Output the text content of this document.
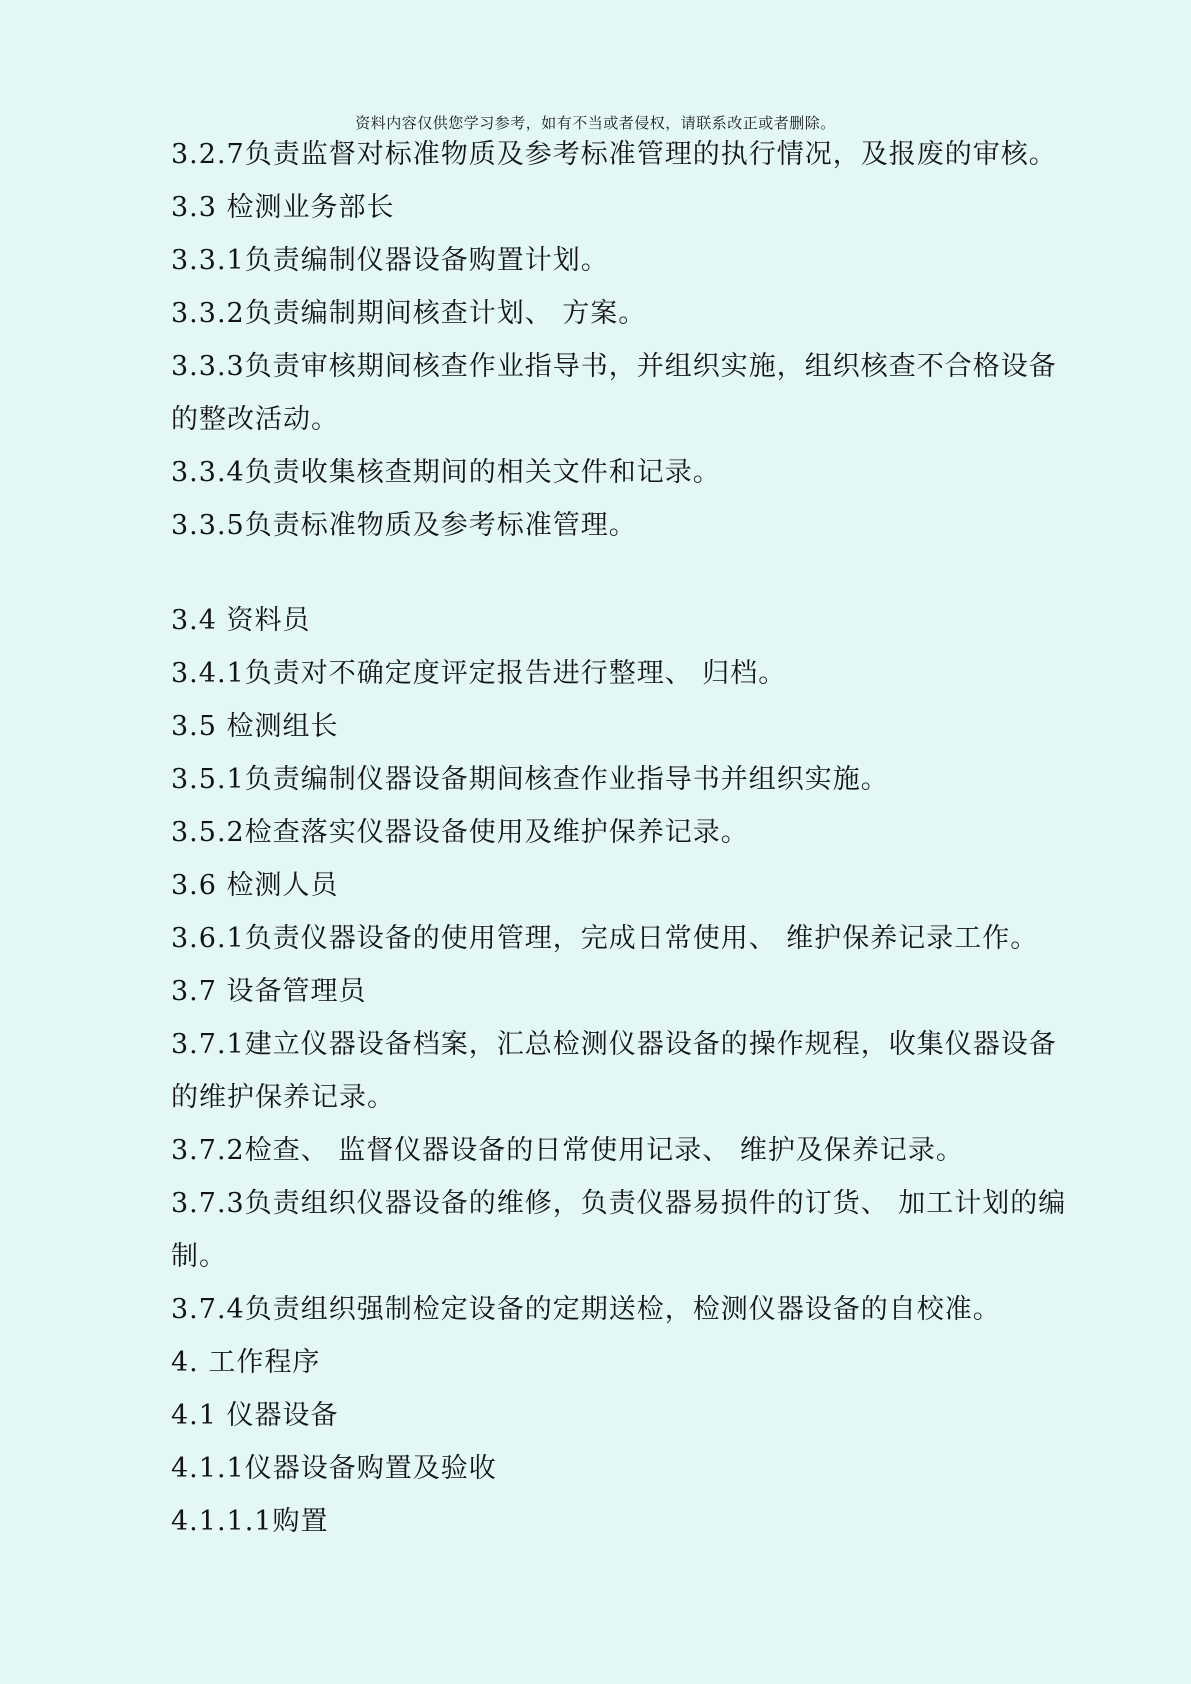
资料内容仅供您学习参考，如有不当或者侵权，请联系改正或者删除。
3.2.7负责监督对标准物质及参考标准管理的执行情况，及报废的审核。
3.3 检测业务部长
3.3.1负责编制仪器设备购置计划。
3.3.2负责编制期间核查计划、 方案。
3.3.3负责审核期间核查作业指导书，并组织实施，组织核查不合格设备
的整改活动。
3.3.4负责收集核查期间的相关文件和记录。
3.3.5负责标准物质及参考标准管理。
3.4 资料员
3.4.1负责对不确定度评定报告进行整理、 归档。
3.5 检测组长
3.5.1负责编制仪器设备期间核查作业指导书并组织实施。
3.5.2检查落实仪器设备使用及维护保养记录。
3.6 检测人员
3.6.1负责仪器设备的使用管理，完成日常使用、 维护保养记录工作。
3.7 设备管理员
3.7.1建立仪器设备档案，汇总检测仪器设备的操作规程，收集仪器设备
的维护保养记录。
3.7.2检查、 监督仪器设备的日常使用记录、 维护及保养记录。
3.7.3负责组织仪器设备的维修，负责仪器易损件的订货、 加工计划的编
制。
3.7.4负责组织强制检定设备的定期送检，检测仪器设备的自校准。
4. 工作程序
4.1 仪器设备
4.1.1仪器设备购置及验收
4.1.1.1购置
